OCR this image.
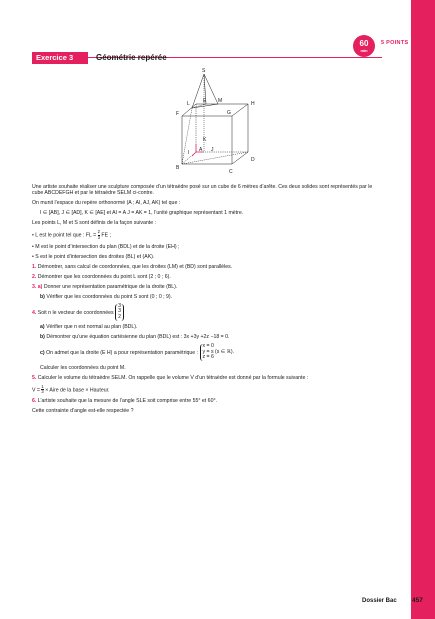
60
min
5 POINTS
Exercice 3	Géométrie repérée
S
L	E M	H
F	G
K
I A J
B
D
C

Une artiste souhaite réaliser une sculpture composée d’un tétraèdre posé sur un cube de 6 mètres d’arête. Ces deux solides sont représentés par le cube ABCDEFGH et par le tétraèdre SELM ci-contre.

On munit l’espace du repère orthonormé (A ; AI, AJ, AK) tel que :

I ∈ [AB], J ∈ [AD], K ∈ [AE] et AI = A J = AK = 1, l’unité graphique représentant 1 mètre.

Les points L, M et S sont définis de la façon suivante :

• L est le point tel que : FL = $\frac{2}{3}$ FE ;

• M est le point d’intersection du plan (BDL) et de la droite (EH) ;

• S est le point d’intersection des droites (BL) et (AK).

1. Démontrer, sans calcul de coordonnées, que les droites (LM) et (BD) sont parallèles.

2. Démontrer que les coordonnées du point L sont (2 ; 0 ; 6).

3. a) Donner une représentation paramétrique de la droite (BL).

b) Vérifier que les coordonnées du point S sont (0 ; 0 ; 9).

4. Soit n le vecteur de coordonnées 3
3
2

a) Vérifier que n est normal au plan (BDL).

b) Démontrer qu’une équation cartésienne du plan (BDL) est : 3x +3y +2z −18 = 0.

c) On admet que la droite (E H) a pour représentation paramétrique : x = 0
y = s (s ∈ ℝ).
z = 6

Calculer les coordonnées du point M.

5. Calculer le volume du tétraèdre SELM. On rappelle que le volume V d’un tétraèdre est donné par la formule suivante :

$V = \frac{1}{3}$ × Aire de la base × Hauteur.

6. L’artiste souhaite que la mesure de l’angle SLE soit comprise entre 55° et 60°.

Cette contrainte d’angle est-elle respectée ?

Dossier Bac 457
